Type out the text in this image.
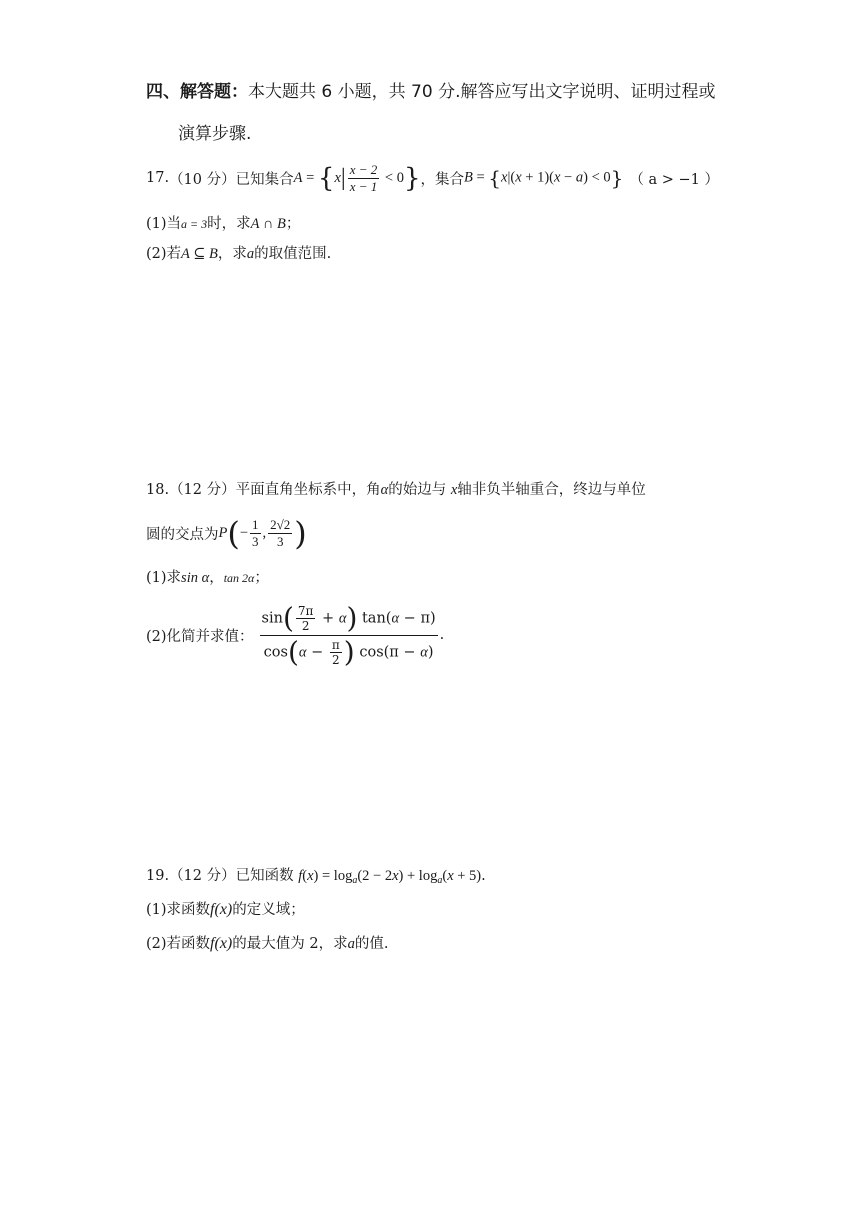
四、解答题：本大题共 6 小题，共 70 分.解答应写出文字说明、证明过程或
演算步骤.
17. （10 分） 已知集合 $A = \{x| \frac{x - 2}{x - 1} < 0\}$ ，集合 B = {x|(x + 1)(x − a) < 0} （ a > −1 ）
(1)当a = 3时，求A ∩ B；
(2)若A ⊆ B，求a的取值范围.
18.（12 分）平面直角坐标系中，角α的始边与 x轴非负半轴重合，终边与单位
圆的交点为 $P(- \frac{1}{3}$ , $\frac{2√2}{3}$ )
(1)求sin α，tan 2α；
(2)化简并求值： $\frac{\sin( \frac{7\pi}{2} + \alpha) \tan(\alpha - \pi)}{\cos(\alpha - \frac{\pi}{2} ) \cos(\pi - \alpha)}$ .
19.（12 分）已知函数 $f(x) = \log_a(2 - 2x) + \log_a(x + 5)$.
(1)求函数f(x)的定义域；
(2)若函数f(x)的最大值为 2，求a的值.
